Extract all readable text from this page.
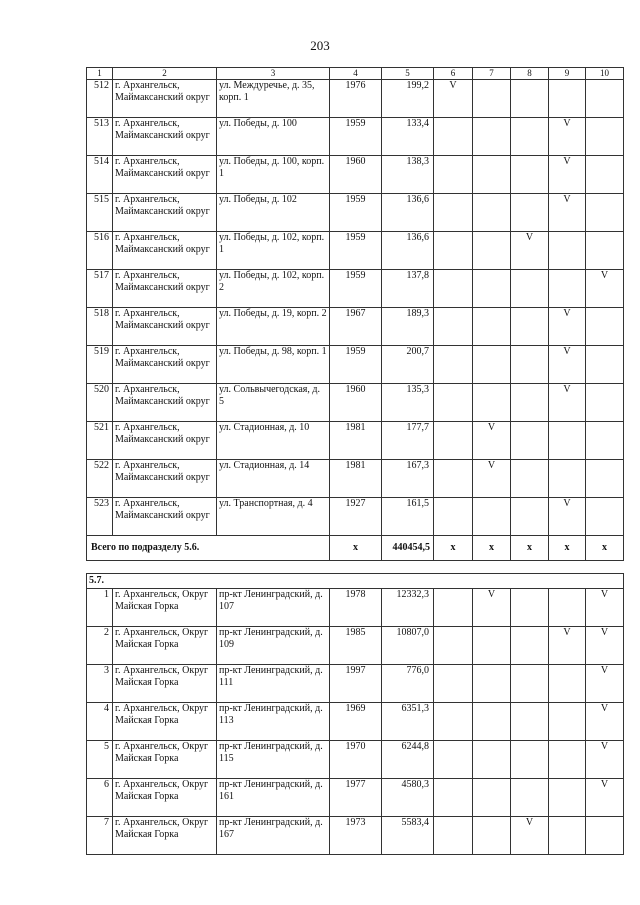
203
1	2	3	4	5	6	7	8	9	10
512	г. Архангельск, Маймаксанский округ	ул. Междуречье, д. 35, корп. 1	1976	199,2	V				
513	г. Архангельск, Маймаксанский округ	ул. Победы, д. 100	1959	133,4				V	
514	г. Архангельск, Маймаксанский округ	ул. Победы, д. 100, корп. 1	1960	138,3				V	
515	г. Архангельск, Маймаксанский округ	ул. Победы, д. 102	1959	136,6				V	
516	г. Архангельск, Маймаксанский округ	ул. Победы, д. 102, корп. 1	1959	136,6			V		
517	г. Архангельск, Маймаксанский округ	ул. Победы, д. 102, корп. 2	1959	137,8					V
518	г. Архангельск, Маймаксанский округ	ул. Победы, д. 19, корп. 2	1967	189,3				V	
519	г. Архангельск, Маймаксанский округ	ул. Победы, д. 98, корп. 1	1959	200,7				V	
520	г. Архангельск, Маймаксанский округ	ул. Сольвычегодская, д. 5	1960	135,3				V	
521	г. Архангельск, Маймаксанский округ	ул. Стадионная, д. 10	1981	177,7		V			
522	г. Архангельск, Маймаксанский округ	ул. Стадионная, д. 14	1981	167,3		V			
523	г. Архангельск, Маймаксанский округ	ул. Транспортная, д. 4	1927	161,5				V	
Всего по подразделу 5.6.			х	440454,5	х	х	х	х	х

5.7.									
1	г. Архангельск, Округ Майская Горка	пр-кт Ленинградский, д. 107	1978	12332,3		V			V
2	г. Архангельск, Округ Майская Горка	пр-кт Ленинградский, д. 109	1985	10807,0				V	V
3	г. Архангельск, Округ Майская Горка	пр-кт Ленинградский, д. 111	1997	776,0					V
4	г. Архангельск, Округ Майская Горка	пр-кт Ленинградский, д. 113	1969	6351,3					V
5	г. Архангельск, Округ Майская Горка	пр-кт Ленинградский, д. 115	1970	6244,8					V
6	г. Архангельск, Округ Майская Горка	пр-кт Ленинградский, д. 161	1977	4580,3					V
7	г. Архангельск, Округ Майская Горка	пр-кт Ленинградский, д. 167	1973	5583,4			V		
